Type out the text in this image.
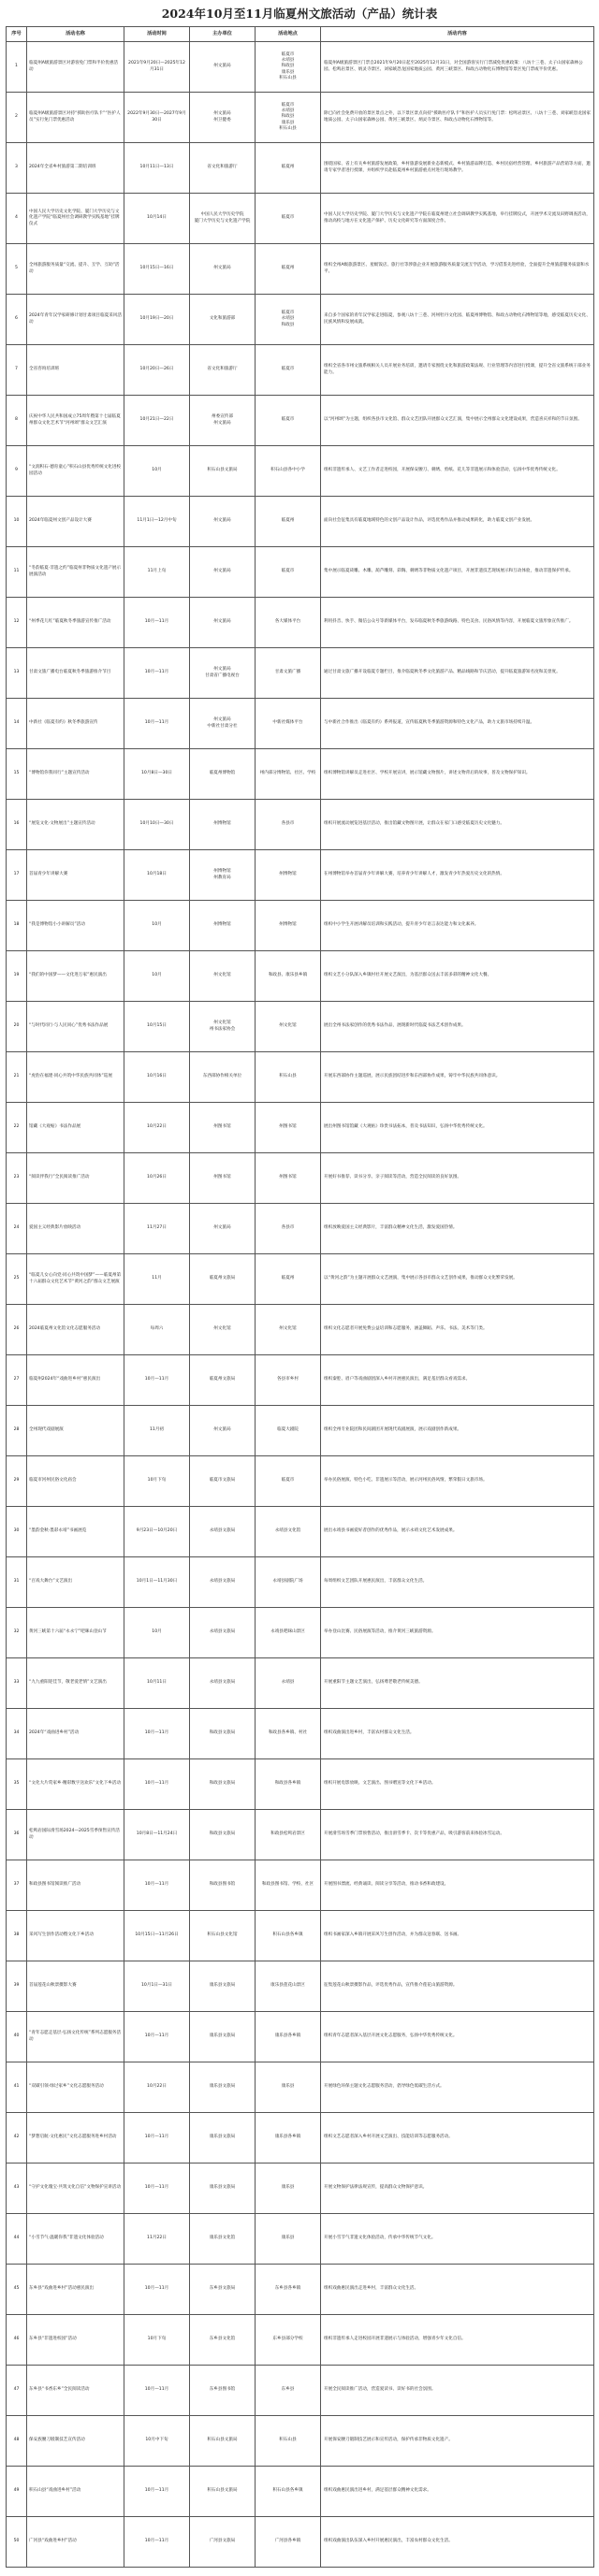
2024年10月至11月临夏州文旅活动（产品）统计表
序号	活动名称	活动时间	主办单位	活动地点	活动内容
1	临夏州A级旅游景区对游客免门票和半价优惠活动	2021年9月20日—2025年12月31日	州文旅局	临夏市
永靖县
和政县
康乐县
积石山县	临夏州A级旅游景区门票自2021年9月20日起至2025年12月31日，对全国游客实行门票减免优惠政策：八坊十三巷、太子山国家森林公园、松鸣岩景区、炳灵寺景区、刘家峡恐龙国家地质公园、黄河三峡景区、和政古动物化石博物馆等景区免门票或半价优惠。
2	临夏州A级旅游景区对持“援助医疗队卡”“医护人员”实行免门票优惠活动	2022年9月30日—2027年9月30日	州文旅局
州卫健委	临夏市
永靖县
和政县
康乐县
积石山县	除已向社会免费开放的景区景点之外，以下景区景点向持“援助医疗队卡”和医护人员实行免门票：松鸣岩景区、八坊十三巷、刘家峡恐龙国家地质公园、太子山国家森林公园、黄河三峡景区、炳灵寺景区、和政古动物化石博物馆等。
3	2024年全省乡村旅游第二期培训班	10月11日—13日	省文化和旅游厅	临夏州	围绕国家、省上有关乡村旅游发展政策，乡村旅游发展新业态新模式、乡村旅游品牌打造、乡村民宿经营管理、乡村旅游产品营销等方面，邀请专家学者进行授课，并组织学员赴临夏州乡村旅游重点村进行现场教学。
4	中国人民大学历史文化学院、厦门大学历史与文化遗产学院“临夏州社会调研教学实践基地”挂牌仪式	10月14日	中国人民大学历史学院
厦门大学历史与文化遗产学院	临夏市	中国人民大学历史学院、厦门大学历史与文化遗产学院在临夏州建立社会调研教学实践基地，举行挂牌仪式，开展学术交流及田野调查活动，推动高校与地方在文化遗产保护、历史文化研究等方面深度合作。
5	全州旅游服务质量“交流、提升、互学、互助”活动	10月15日—16日	州文旅局	临夏州	组织全州A级旅游景区、星级饭店、旅行社等涉旅企业开展旅游服务质量交流互学活动，学习借鉴先进经验，全面提升全州旅游服务质量和水平。
6	2024年青年汉学家研修计划甘肃项目临夏采风活动	10月19日—20日	文化和旅游部	临夏市
永靖县
和政县	来自多个国家的青年汉学家走进临夏，参观八坊十三巷、河州牡丹文化园、临夏州博物馆、和政古动物化石博物馆等地，感受临夏历史文化、民族风情和发展成就。
7	全省咨询培训班	10月20日—26日	省文化和旅游厅	临夏市	组织全省各市州文旅系统相关人员开展业务培训，邀请专家围绕文化和旅游政策法规、行业管理等内容进行授课，提升全省文旅系统干部业务能力。
8	庆祝中华人民共和国成立75周年暨第十七届临夏州群众文化艺术节“河州颂”群众文艺汇演	10月21日—22日	州委宣传部
州文旅局	临夏市	以“河州颂”为主题，组织各县市文化馆、群众文艺团队开展群众文艺汇演，集中展示全州群众文化建设成果，营造喜庆祥和的节日氛围。
9	“文润积石·德育童心”积石山县优秀传统文化进校园活动	10月	积石山县文旅局	积石山县各中小学	组织非遗传承人、文艺工作者走进校园，开展保安腰刀、刺绣、剪纸、花儿等非遗展示和体验活动，弘扬中华优秀传统文化。
10	2024年临夏州文创产品设计大赛	11月1日—12月中旬	州文旅局	临夏州	面向社会征集具有临夏地域特色的文创产品设计作品，评选优秀作品并推动成果转化，助力临夏文创产业发展。
11	“冬韵临夏·非遗之约”临夏州非物质文化遗产展示展演活动	11月上旬	州文旅局	临夏市	集中展示临夏砖雕、木雕、葫芦雕刻、彩陶、刺绣等非物质文化遗产项目，开展非遗技艺现场展示和互动体验，推动非遗保护传承。
12	“州季花儿红”临夏秋冬季旅游宣传推广活动	10月—11月	州文旅局	各大媒体平台	利用抖音、快手、微信公众号等新媒体平台，发布临夏秋冬季旅游线路、特色美食、民俗风情等内容，开展临夏文旅形象宣传推广。
13	甘肃文旅广播电台临夏秋冬季旅游推介节目	10月—11月	州文旅局
甘肃省广播电视台	甘肃文旅广播	通过甘肃文旅广播开设临夏专题栏目，推介临夏秋冬季文化旅游产品、精品线路和节庆活动，提升临夏旅游知名度和美誉度。
14	中新社《临夏有约》秋冬季旅游宣传	10月—11月	州文旅局
中新社甘肃分社	中新社媒体平台	与中新社合作推出《临夏有约》系列报道，宣传临夏秋冬季旅游资源和特色文化产品，助力文旅市场持续升温。
15	“博物馆你我同行”主题宣传活动	10月8日—30日	临夏州博物馆	州内部分博物馆、社区、学校	组织博物馆讲解员走进社区、学校开展宣讲，展示馆藏文物图片，讲述文物背后的故事，普及文物保护知识。
16	“展览文化·文物展出”主题宣传活动	10月10日—30日	州博物馆	各县市	组织开展流动展览进基层活动，推出馆藏文物图片展，让群众在家门口感受临夏历史文化魅力。
17	首届青少年讲解大赛	10月18日	州博物馆
州教育局	州博物馆	在州博物馆举办首届青少年讲解大赛，培养青少年讲解人才，激发青少年热爱历史文化的热情。
18	“我是博物馆小小讲解员”活动	10月	州博物馆	州博物馆	组织中小学生开展讲解员培训和实践活动，提升青少年语言表达能力和文化素养。
19	“我们的中国梦——文化进万家”惠民演出	10月	州文化馆	和政县、康乐县乡镇	组织文艺小分队深入乡镇村社开展文艺演出，为基层群众送去丰富多彩的精神文化大餐。
20	“与时代同行·与人民同心”优秀书法作品展	10月15日	州文化馆
州书法家协会	州文化馆	展出全州书法家创作的优秀书法作品，展现新时代临夏书法艺术创作成果。
21	“虎豹在福建·同心共筑中华民族共同体”巡展	10月16日	东西部协作相关单位	积石山县	开展东西部协作主题巡展，展示民族团结进步和东西部协作成果，铸牢中华民族共同体意识。
22	馆藏《大观帖》书法作品展	10月22日	州图书馆	州图书馆	展出州图书馆馆藏《大观帖》珍贵书法拓本，普及书法知识，弘扬中华优秀传统文化。
23	“阅读伴我行”全民阅读推广活动	10月26日	州图书馆	州图书馆	开展好书推荐、读书分享、亲子阅读等活动，营造全民阅读的良好氛围。
24	爱国主义经典影片放映活动	11月27日	州文旅局	各县市	组织放映爱国主义经典影片，丰富群众精神文化生活，激发爱国热情。
25	“临夏儿女心向党·同心共筑中国梦”——临夏州第十六届群众文化艺术节“黄河之韵”群众文艺展演	11月	临夏州文旅局	临夏州	以“黄河之韵”为主题开展群众文艺展演，集中展示各县市群众文艺创作成果，推动群众文化繁荣发展。
26	2024临夏州文化馆文化志愿服务活动	每周六	州文化馆	州文化馆	组织文化志愿者开展免费公益培训和志愿服务，涵盖舞蹈、声乐、书法、美术等门类。
27	临夏州2024年“戏曲进乡村”惠民演出	10月—11月	临夏州文旅局	各县市乡村	组织秦腔、眉户等戏曲剧团深入乡村开展惠民演出，满足基层群众看戏需求。
28	全州现代戏剧展演	11月初	州文旅局	临夏大剧院	组织全州专业院团和民间剧团开展现代戏剧展演，展示戏剧创作新成果。
29	临夏市河州民俗文化庙会	10月下旬	临夏市文旅局	临夏市	举办民俗展演、特色小吃、非遗展示等活动，展示河州民俗风情，繁荣假日文旅市场。
30	“墨韵金秋·墨彩永靖”书画展览	9月23日—10月20日	永靖县文旅局	永靖县文化馆	展出永靖县书画爱好者创作的优秀作品，展示永靖文化艺术发展成果。
31	“百戏大舞台”文艺演出	10月1日—11月30日	永靖县文旅局	永靖县剧院广场	每周组织文艺团队开展惠民演出，丰富群众文化生活。
32	黄河三峡第十六届“永永宁”吧咪山登山节	10月	永靖县文旅局	永靖县吧咪山景区	举办登山比赛、民俗展演等活动，推介黄河三峡旅游资源。
33	“九九重阳迎佳节，敬老爱老情”文艺演出	10月11日	永靖县文旅局	永靖县	开展重阳节主题文艺演出，弘扬尊老敬老传统美德。
34	2024年“戏曲进乡村”活动	10月—11月	和政县文旅局	和政县各乡镇、村社	组织戏曲演出进乡村，丰富农村群众文化生活。
35	“文化大片赏家乡·精彩数字送欢乐”文化下乡活动	10月—11月	和政县文旅局	和政县各乡镇	组织开展电影放映、文艺演出、图书赠送等文化下乡活动。
36	松鸣岩国际滑雪场2024—2025雪季预售宣传活动	10月8日—11月24日	和政县文旅局	和政县松鸣岩景区	开展滑雪场雪季门票预售活动，推出滑雪季卡、次卡等优惠产品，吸引游客前来体验冰雪运动。
37	和政县图书馆阅读推广活动	10月—11月	和政县图书馆	和政县图书馆、学校、社区	开展图书漂流、经典诵读、阅读分享等活动，推动书香和政建设。
38	采风写生创作活动暨文化下乡活动	10月15日—11月26日	积石山县文化馆	积石山县各乡镇	组织书画家深入乡镇开展采风写生创作活动，并为群众送春联、送书画。
39	首届莲花山秋景摄影大赛	10月1日—31日	康乐县文旅局	康乐县莲花山景区	征集莲花山秋景摄影作品，评选优秀作品，宣传推介莲花山旅游资源。
40	“青年志愿走基层·弘扬文化传统”系列志愿服务活动	10月—11月	康乐县文旅局	康乐县各乡镇	组织青年志愿者深入基层开展文化志愿服务，弘扬中华优秀传统文化。
41	“双碳引领·绿过家乡”文化志愿服务活动	10月22日	康乐县文旅局	康乐县	开展绿色环保主题文化志愿服务活动，倡导绿色低碳生活方式。
42	“梦想启航·文化惠民”文化志愿服务进乡村活动	10月—11月	康乐县文旅局	康乐县各乡镇	组织文艺志愿者深入乡村开展文艺演出、技能培训等志愿服务活动。
43	“守护文化瑰宝·共筑文化自信”文物保护宣讲活动	10月—11月	康乐县文旅局	康乐县	开展文物保护法律法规宣传，提高群众文物保护意识。
44	“小雪节气·温暖你我”非遗文化体验活动	11月22日	康乐县文化馆	康乐县	开展小雪节气非遗文化体验活动，传承中华传统节气文化。
45	东乡县“戏曲进乡村”活动惠民演出	10月—11月	东乡县文旅局	东乡县各乡镇	组织戏曲惠民演出走进乡村，丰富群众文化生活。
46	东乡县“非遗进校园”活动	10月下旬	东乡县文化馆	东乡县部分学校	组织非遗传承人走进校园开展非遗展示与体验活动，增强青少年文化自信。
47	东乡县“书香东乡”全民阅读活动	10月—11月	东乡县图书馆	东乡县	开展全民阅读推广活动，营造爱读书、读好书的社会氛围。
48	保安族腰刀锻制技艺宣传活动	10月中下旬	积石山县文旅局	积石山县	开展保安腰刀锻制技艺展示和宣传活动，保护传承非物质文化遗产。
49	积石山县“戏曲进乡村”活动	10月—11月	积石山县文旅局	积石山县各乡镇	组织戏曲惠民演出进乡村，满足基层群众精神文化需求。
50	广河县“戏曲进乡村”活动	10月—11月	广河县文旅局	广河县各乡镇	组织戏曲演出队伍深入乡村开展惠民演出，丰富农村群众文化生活。
